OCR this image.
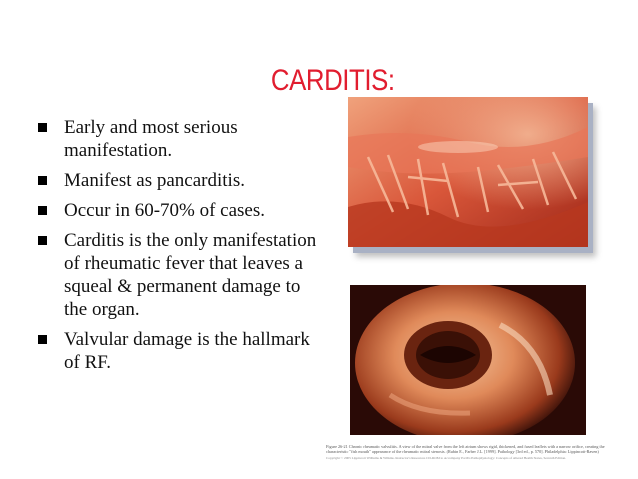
CARDITIS:
Early and most serious manifestation.
Manifest as pancarditis.
Occur in 60-70% of cases.
Carditis is the only manifestation of rheumatic fever that leaves a squeal & permanent damage to the organ.
Valvular damage is the hallmark of RF.
Figure 26-21 Chronic rheumatic valvulitis. A view of the mitral valve from the left atrium shows rigid, thickened, and fused leaflets with a narrow orifice, creating the characteristic "fish mouth" appearance of the rheumatic mitral stenosis. (Rubin E., Farber J.L. [1999]. Pathology [3rd ed., p. 570]. Philadelphia: Lippincott-Raven)
Copyright © 2005 Lippincott Williams & Wilkins. Instructor's Resources CD-ROM to Accompany Porth's Pathophysiology: Concepts of Altered Health States, Seventh Edition.
